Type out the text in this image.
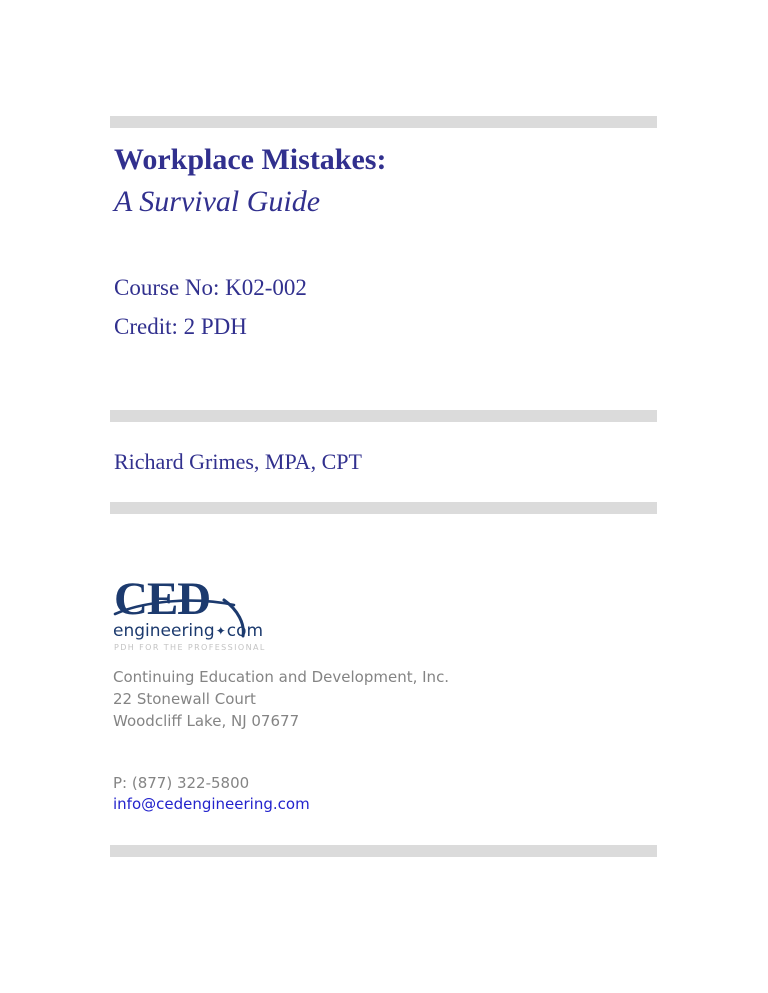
Workplace Mistakes:
A Survival Guide
Course No: K02-002
Credit: 2 PDH
Richard Grimes, MPA, CPT
CED
engineering✦com
PDH FOR THE PROFESSIONAL
Continuing Education and Development, Inc.
22 Stonewall Court
Woodcliff Lake, NJ 07677
P: (877) 322-5800
info@cedengineering.com
